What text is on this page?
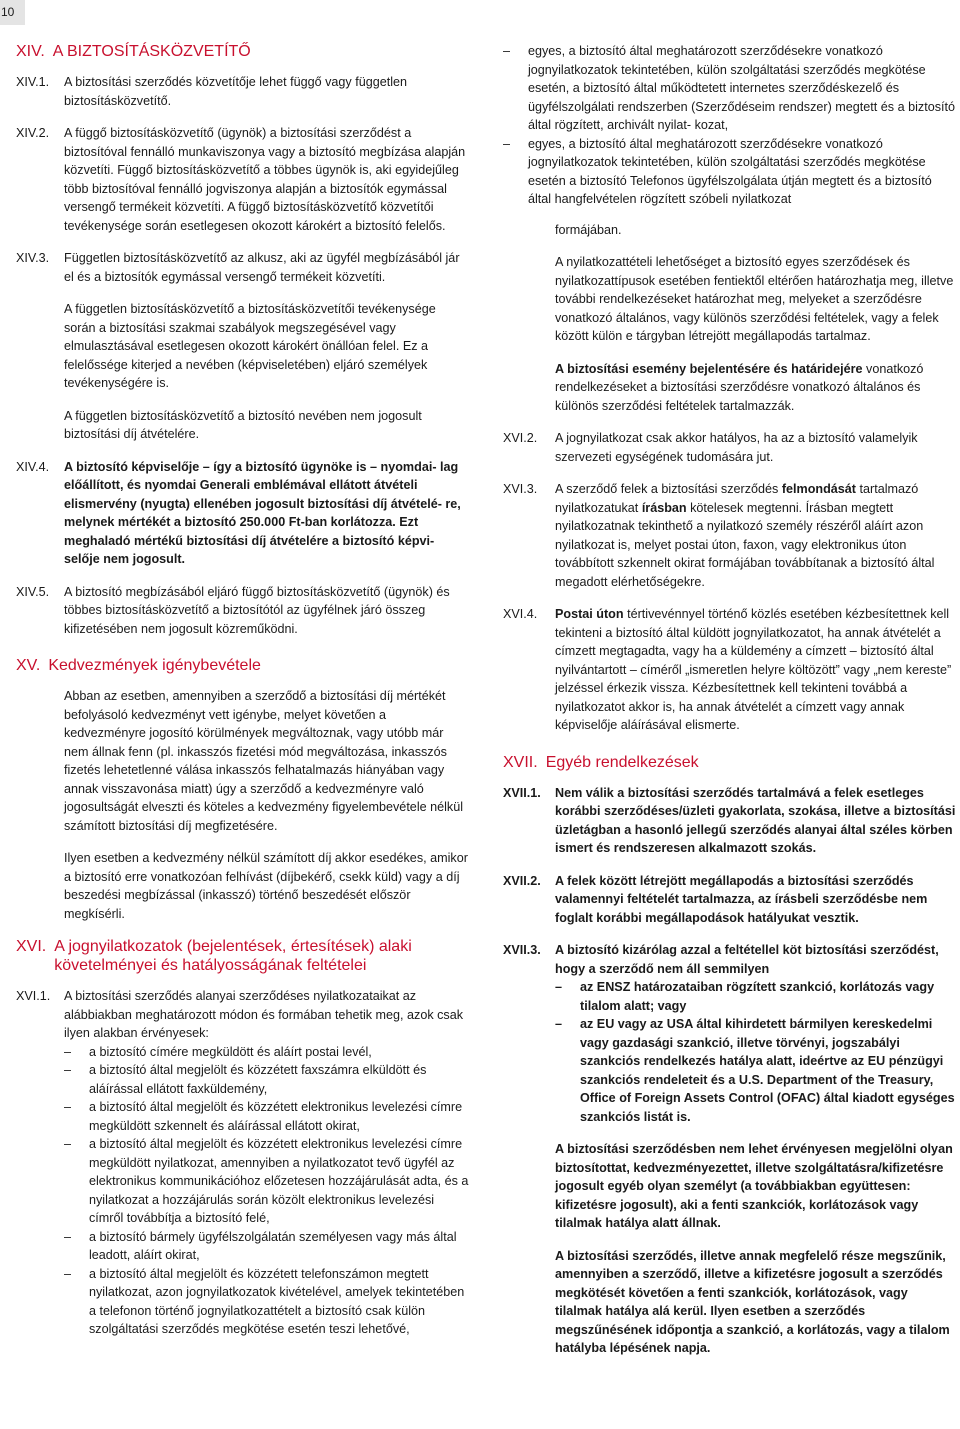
10
XIV. A BIZTOSÍTÁSKÖZVETÍTŐ
XIV.1.	A biztosítási szerződés közvetítője lehet függő vagy független biztosításközvetítő.
XIV.2.	A függő biztosításközvetítő (ügynök) a biztosítási szerződést a biztosítóval fennálló munkaviszonya vagy a biztosító megbízása alapján közvetíti. Függő biztosításközvetítő a többes ügynök is, aki egyidejűleg több biztosítóval fennálló jogviszonya alapján a biztosítók egymással versengő termékeit közvetíti. A függő biztosításközvetítő közvetítői tevékenysége során esetlegesen okozott károkért a biztosító felelős.
XIV.3.	Független biztosításközvetítő az alkusz, aki az ügyfél megbízásából jár el és a biztosítók egymással versengő termékeit közvetíti.

A független biztosításközvetítő a biztosításközvetítői tevékenysége során a biztosítási szakmai szabályok megszegésével vagy elmulasztásával esetlegesen okozott károkért önállóan felel. Ez a felelőssége kiterjed a nevében (képviseletében) eljáró személyek tevékenységére is.

A független biztosításközvetítő a biztosító nevében nem jogosult biztosítási díj átvételére.

XIV.4.	A biztosító képviselője – így a biztosító ügynöke is – nyomdai- lag előállított, és nyomdai Generali emblémával ellátott átvételi elismervény (nyugta) ellenében jogosult biztosítási díj átvételé- re, melynek mértékét a biztosító 250.000 Ft-ban korlátozza. Ezt meghaladó mértékű biztosítási díj átvételére a biztosító képvi- selője nem jogosult.
XIV.5.	A biztosító megbízásából eljáró függő biztosításközvetítő (ügynök) és többes biztosításközvetítő a biztosítótól az ügyfélnek járó összeg kifizetésében nem jogosult közreműködni.
XV. Kedvezmények igénybevétele

Abban az esetben, amennyiben a szerződő a biztosítási díj mértékét befolyásoló kedvezményt vett igénybe, melyet követően a kedvezményre jogosító körülmények megváltoznak, vagy utóbb már nem állnak fenn (pl. inkasszós fizetési mód megváltozása, inkasszós fizetés lehetetlenné válása inkasszós felhatalmazás hiányában vagy annak visszavonása miatt) úgy a szerződő a kedvezményre való jogosultságát elveszti és köteles a kedvezmény figyelembevétele nélkül számított biztosítási díj megfizetésére.

Ilyen esetben a kedvezmény nélkül számított díj akkor esedékes, amikor a biztosító erre vonatkozóan felhívást (díjbekérő, csekk küld) vagy a díj beszedési megbízással (inkasszó) történő beszedését először megkísérli.

XVI. A jognyilatkozatok (bejelentések, értesítések) alaki követelményei és hatályosságának feltételei
XVI.1.	A biztosítási szerződés alanyai szerződéses nyilatkozataikat az alábbiakban meghatározott módon és formában tehetik meg, azok csak ilyen alakban érvényesek:
– a biztosító címére megküldött és aláírt postai levél,
– a biztosító által megjelölt és közzétett faxszámra elküldött és aláírással ellátott faxküldemény,
– a biztosító által megjelölt és közzétett elektronikus levelezési címre megküldött szkennelt és aláírással ellátott okirat,
– a biztosító által megjelölt és közzétett elektronikus levelezési címre megküldött nyilatkozat, amennyiben a nyilatkozatot tevő ügyfél az elektronikus kommunikációhoz előzetesen hozzájárulását adta, és a nyilatkozat a hozzájárulás során közölt elektronikus levelezési címről továbbítja a biztosító felé,
– a biztosító bármely ügyfélszolgálatán személyesen vagy más által leadott, aláírt okirat,
– a biztosító által megjelölt és közzétett telefonszámon megtett nyilatkozat, azon jognyilatkozatok kivételével, amelyek tekintetében a telefonon történő jognyilatkozattételt a biztosító csak külön szolgáltatási szerződés megkötése esetén teszi lehetővé,
– egyes, a biztosító által meghatározott szerződésekre vonatkozó jognyilatkozatok tekintetében, külön szolgáltatási szerződés megkötése esetén, a biztosító által működtetett internetes szerződéskezelő és ügyfélszolgálati rendszerben (Szerződéseim rendszer) megtett és a biztosító által rögzített, archivált nyilat- kozat,
– egyes, a biztosító által meghatározott szerződésekre vonatkozó jognyilatkozatok tekintetében, külön szolgáltatási szerződés megkötése esetén a biztosító Telefonos ügyfélszolgálata útján megtett és a biztosító által hangfelvételen rögzített szóbeli nyilatkozat

formájában.

A nyilatkozattételi lehetőséget a biztosító egyes szerződések és nyilatkozattípusok esetében fentiektől eltérően határozhatja meg, illetve további rendelkezéseket határozhat meg, melyeket a szerződésre vonatkozó általános, vagy különös szerződési feltételek, vagy a felek között külön e tárgyban létrejött megállapodás tartalmaz.

A biztosítási esemény bejelentésére és határidejére vonatkozó rendelkezéseket a biztosítási szerződésre vonatkozó általános és különös szerződési feltételek tartalmazzák.

XVI.2.	A jognyilatkozat csak akkor hatályos, ha az a biztosító valamelyik szervezeti egységének tudomására jut.
XVI.3.	A szerződő felek a biztosítási szerződés felmondását tartalmazó nyilatkozatukat írásban kötelesek megtenni. Írásban megtett nyilatkozatnak tekinthető a nyilatkozó személy részéről aláírt azon nyilatkozat is, melyet postai úton, faxon, vagy elektronikus úton továbbított szkennelt okirat formájában továbbítanak a biztosító által megadott elérhetőségekre.
XVI.4.	Postai úton tértivevénnyel történő közlés esetében kézbesítettnek kell tekinteni a biztosító által küldött jognyilatkozatot, ha annak átvételét a címzett megtagadta, vagy ha a küldemény a címzett – biztosító által nyilvántartott – címéről „ismeretlen helyre költözött” vagy „nem kereste” jelzéssel érkezik vissza. Kézbesítettnek kell tekinteni továbbá a nyilatkozatot akkor is, ha annak átvételét a címzett vagy annak képviselője aláírásával elismerte.
XVII. Egyéb rendelkezések
XVII.1.	Nem válik a biztosítási szerződés tartalmává a felek esetleges korábbi szerződéses/üzleti gyakorlata, szokása, illetve a biztosítási üzletágban a hasonló jellegű szerződés alanyai által széles körben ismert és rendszeresen alkalmazott szokás.
XVII.2.	A felek között létrejött megállapodás a biztosítási szerződés valamennyi feltételét tartalmazza, az írásbeli szerződésbe nem foglalt korábbi megállapodások hatályukat vesztik.
XVII.3.	A biztosító kizárólag azzal a feltétellel köt biztosítási szerződést, hogy a szerződő nem áll semmilyen
– az ENSZ határozataiban rögzített szankció, korlátozás vagy tilalom alatt; vagy
– az EU vagy az USA által kihirdetett bármilyen kereskedelmi vagy gazdasági szankció, illetve törvényi, jogszabályi szankciós rendelkezés hatálya alatt, ideértve az EU pénzügyi szankciós rendeleteit és a U.S. Department of the Treasury, Office of Foreign Assets Control (OFAC) által kiadott egységes szankciós listát is.

A biztosítási szerződésben nem lehet érvényesen megjelölni olyan biztosítottat, kedvezményezettet, illetve szolgáltatásra/kifizetésre jogosult egyéb olyan személyt (a továbbiakban együttesen: kifizetésre jogosult), aki a fenti szankciók, korlátozások vagy tilalmak hatálya alatt állnak.

A biztosítási szerződés, illetve annak megfelelő része megszűnik, amennyiben a szerződő, illetve a kifizetésre jogosult a szerződés megkötését követően a fenti szankciók, korlátozások, vagy tilalmak hatálya alá kerül. Ilyen esetben a szerződés megszűnésének időpontja a szankció, a korlátozás, vagy a tilalom hatályba lépésének napja.
